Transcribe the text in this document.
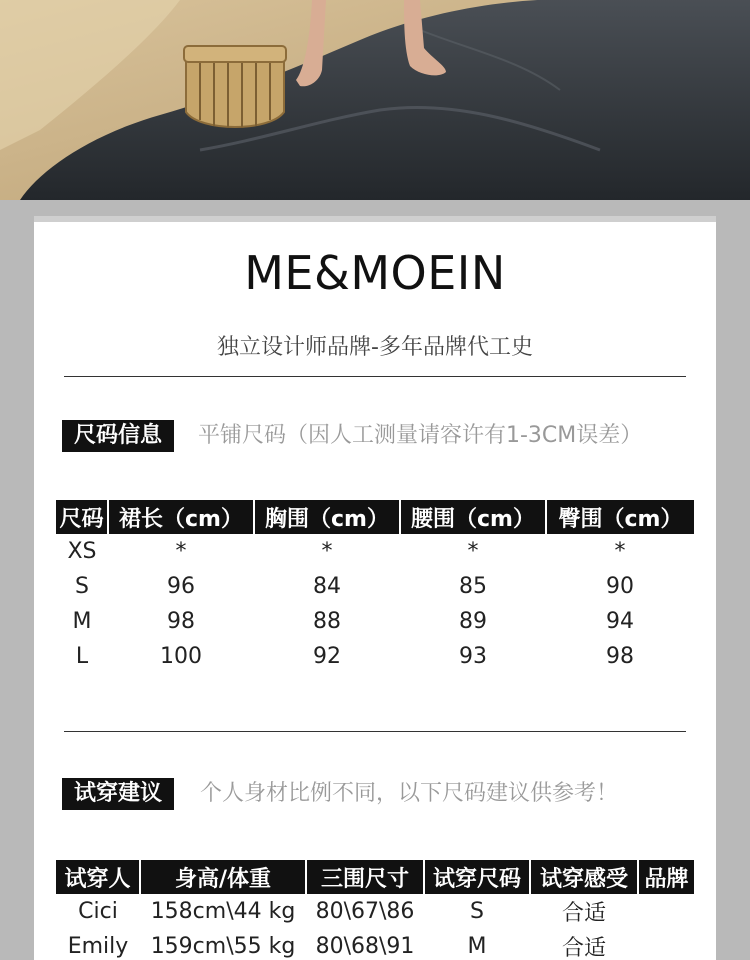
ME&MOEIN
独立设计师品牌-多年品牌代工史
尺码信息	平铺尺码（因人工测量请容许有1-3CM误差）
尺码	裙长（cm）	胸围（cm）	腰围（cm）	臀围（cm）
XS	*	*	*	*
S	96	84	85	90
M	98	88	89	94
L	100	92	93	98
试穿建议	个人身材比例不同，以下尺码建议供参考！
试穿人	身高/体重	三围尺寸	试穿尺码	试穿感受	品牌
Cici	158cm\44 kg	80\67\86	S	合适	
Emily	159cm\55 kg	80\68\91	M	合适	
